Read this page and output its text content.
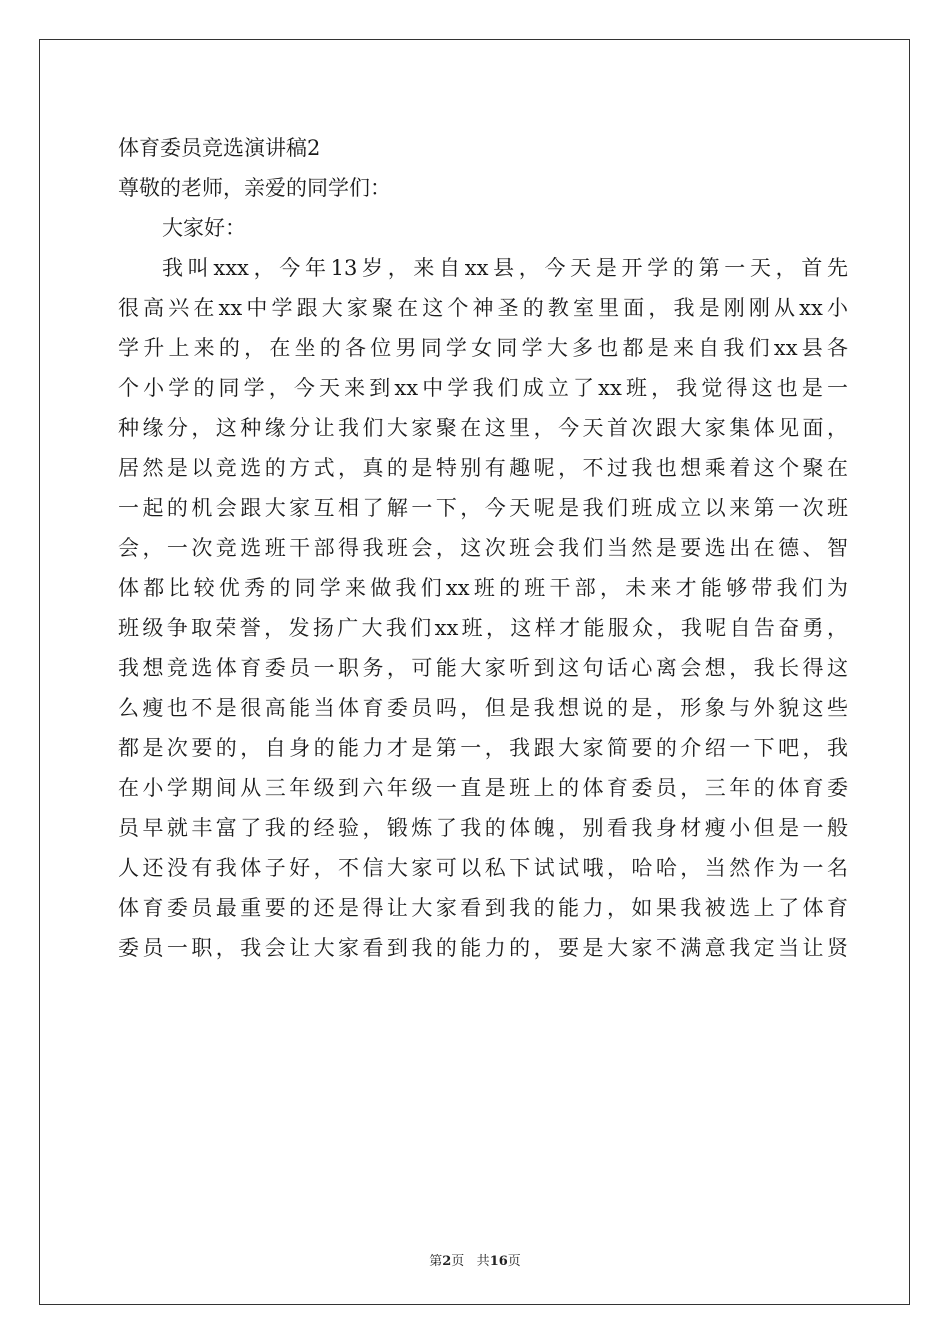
体育委员竞选演讲稿2
尊敬的老师，亲爱的同学们：
大家好：
我叫xxx，今年13岁，来自xx县，今天是开学的第一天，首先
很高兴在xx中学跟大家聚在这个神圣的教室里面，我是刚刚从xx小
学升上来的，在坐的各位男同学女同学大多也都是来自我们xx县各
个小学的同学，今天来到xx中学我们成立了xx班，我觉得这也是一
种缘分，这种缘分让我们大家聚在这里，今天首次跟大家集体见面，
居然是以竞选的方式，真的是特别有趣呢，不过我也想乘着这个聚在
一起的机会跟大家互相了解一下，今天呢是我们班成立以来第一次班
会，一次竞选班干部得我班会，这次班会我们当然是要选出在德、智
体都比较优秀的同学来做我们xx班的班干部，未来才能够带我们为
班级争取荣誉，发扬广大我们xx班，这样才能服众，我呢自告奋勇，
我想竞选体育委员一职务，可能大家听到这句话心离会想，我长得这
么瘦也不是很高能当体育委员吗，但是我想说的是，形象与外貌这些
都是次要的，自身的能力才是第一，我跟大家简要的介绍一下吧，我
在小学期间从三年级到六年级一直是班上的体育委员，三年的体育委
员早就丰富了我的经验，锻炼了我的体魄，别看我身材瘦小但是一般
人还没有我体子好，不信大家可以私下试试哦，哈哈，当然作为一名
体育委员最重要的还是得让大家看到我的能力，如果我被选上了体育
委员一职，我会让大家看到我的能力的，要是大家不满意我定当让贤
第2页 共16页
